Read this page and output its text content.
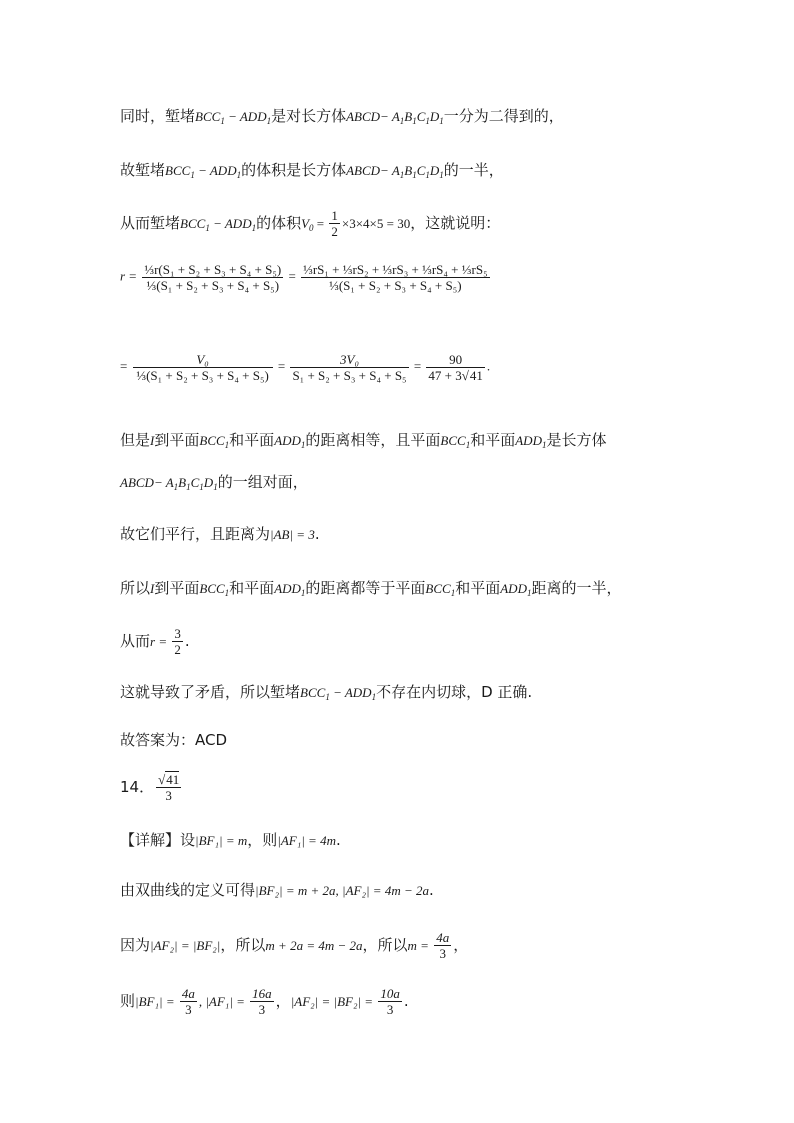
同时，堑堵$BCC_1 - ADD_1$是对长方体ABCD− $A_1B_1C_1D_1$一分为二得到的，
故堑堵$BCC_1 - ADD_1$的体积是长方体ABCD− $A_1B_1C_1D_1$的一半，
从而堑堵$BCC_1 - ADD_1$的体积$V_0 = \frac{1}{2} \times 3\times 4\times 5 = 30$，这就说明：
$r = \frac{\text{⅓r(S₁ + S₂ + S₃ + S₄ + S₅)}}{\text{⅓(S₁ + S₂ + S₃ + S₄ + S₅)}} = \frac{\text{⅓rS₁ + ⅓rS₂ + ⅓rS₃ + ⅓rS₄ + ⅓rS₅}}{\text{⅓(S₁ + S₂ + S₃ + S₄ + S₅)}}$
= $\frac{\text{V₀}}{\text{⅓(S₁ + S₂ + S₃ + S₄ + S₅)}} = \frac{\text{3V₀}}{\text{S₁ + S₂ + S₃ + S₄ + S₅}} = \frac{90}{47 + 3√41}$ .
但是I到平面$BCC_1$和平面$ADD_1$的距离相等，且平面$BCC_1$和平面$ADD_1$是长方体
ABCD− $A_1B_1C_1D_1$的一组对面，
故它们平行，且距离为|AB| = 3.
所以I到平面$BCC_1$和平面$ADD_1$的距离都等于平面$BCC_1$和平面$ADD_1$距离的一半，
从而$r = \frac{3}{2}$ .
这就导致了矛盾，所以堑堵$BCC_1 - ADD_1$不存在内切球，D 正确.
故答案为：ACD
14． $\frac{√41}{3}$
【详解】设|BF₁| = m，则|AF₁| = 4m.
由双曲线的定义可得|BF₂| = m + 2a, |AF₂| = 4m − 2a.
因为|AF₂| = |BF₂|，所以m + 2a = 4m − 2a，所以$m = \frac{4a}{3}$ ，
则$|BF_1| = \frac{4a}{3}$ , $|AF_1| = \frac{16a}{3}$ ，$|AF_2| = |BF_2| = \frac{10a}{3}$ .
